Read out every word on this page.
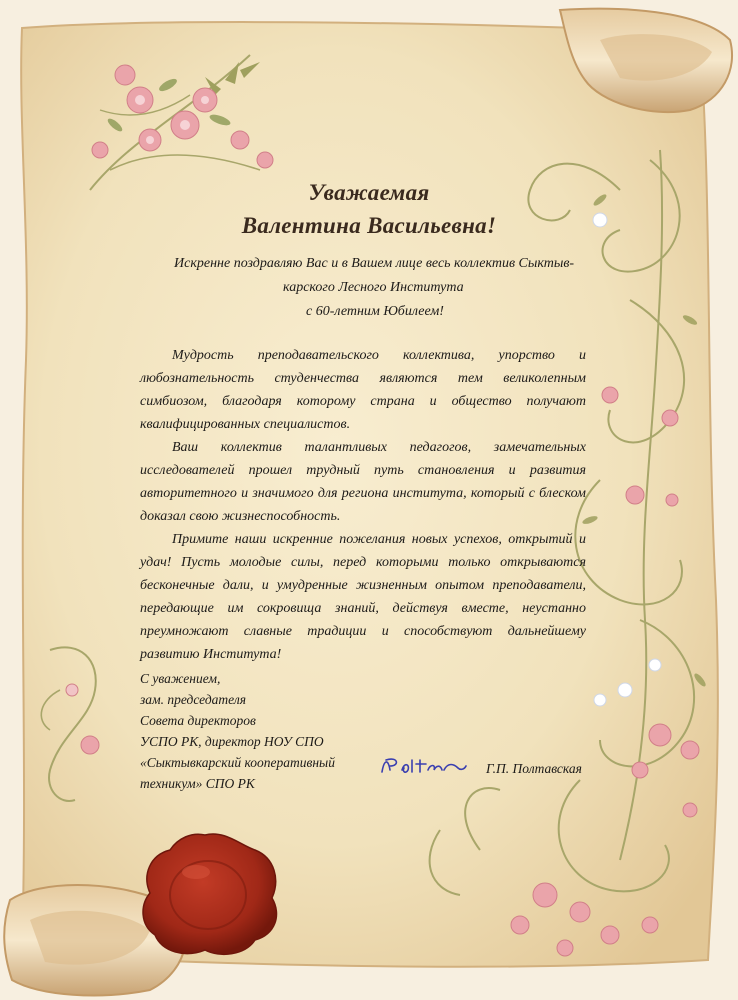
Уважаемая
Валентина Васильевна!
Искренне поздравляю Вас и в Вашем лице весь коллектив Сыктыв-
карского Лесного Института
с 60-летним Юбилеем!

Мудрость преподавательского коллектива, упорство и любознательность студенчества являются тем великолепным симбиозом, благодаря которому страна и общество получают квалифицированных специалистов.

Ваш коллектив талантливых педагогов, замечательных исследователей прошел трудный путь становления и развития авторитетного и значимого для региона института, который с блеском доказал свою жизнеспособность.

Примите наши искренние пожелания новых успехов, открытий и удач! Пусть молодые силы, перед которыми только открываются бесконечные дали, и умудренные жизненным опытом преподаватели, передающие им сокровища знаний, действуя вместе, неустанно преумножают славные традиции и способствуют дальнейшему развитию Института!

С уважением,
зам. председателя
Совета директоров
УСПО РК, директор НОУ СПО
«Сыктывкарский кооперативный
техникум» СПО РК
Г.П. Полтавская
